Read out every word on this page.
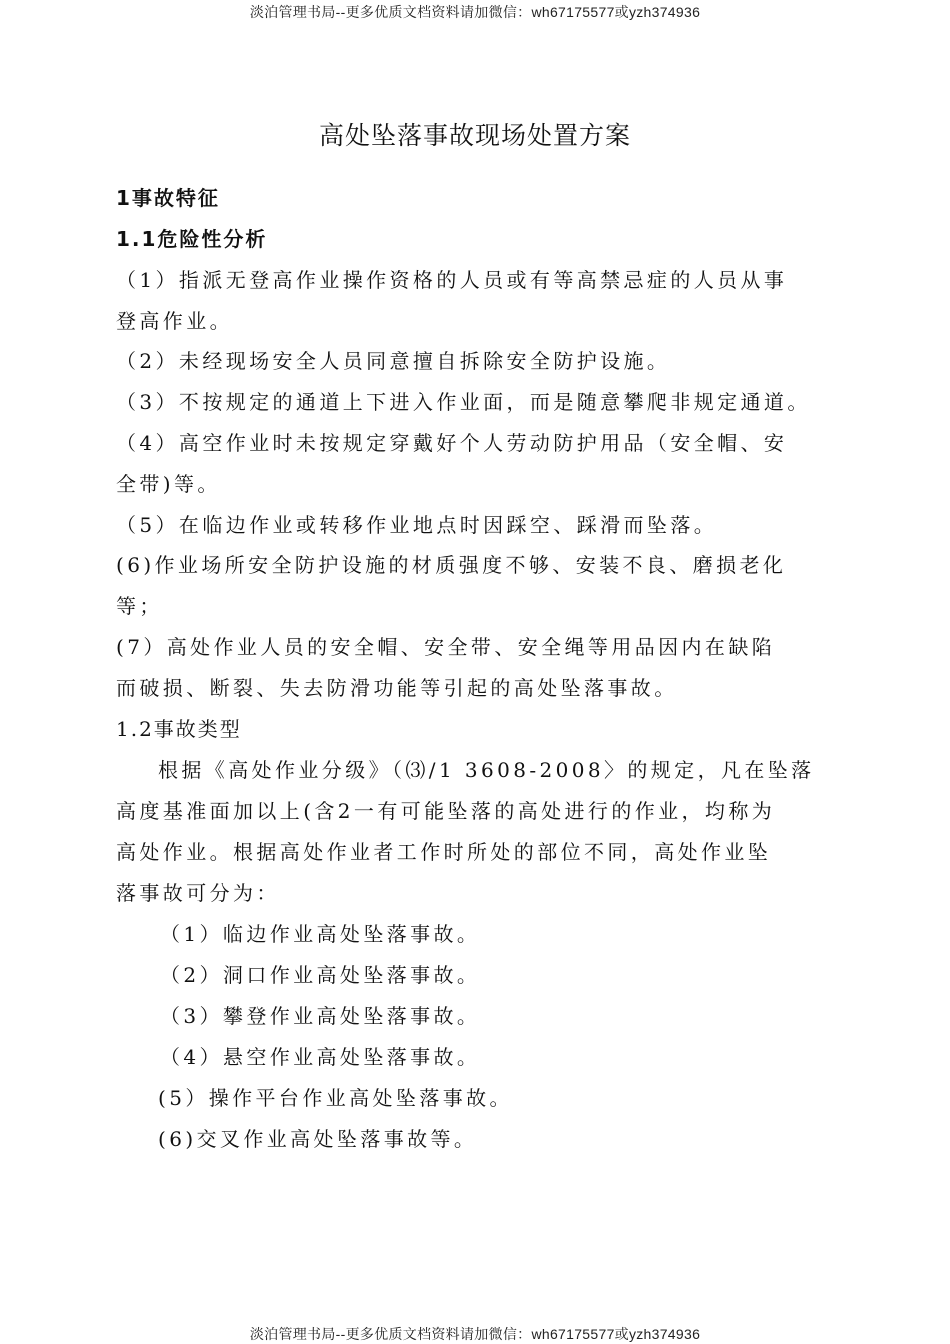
淡泊管理书局--更多优质文档资料请加微信：wh67175577或yzh374936
高处坠落事故现场处置方案
1事故特征
1.1危险性分析
（1）指派无登高作业操作资格的人员或有等高禁忌症的人员从事
登高作业。
（2）未经现场安全人员同意擅自拆除安全防护设施。
（3）不按规定的通道上下进入作业面，而是随意攀爬非规定通道。
（4）高空作业时未按规定穿戴好个人劳动防护用品（安全帽、安
全带)等。
（5）在临边作业或转移作业地点时因踩空、踩滑而坠落。
(6)作业场所安全防护设施的材质强度不够、安装不良、磨损老化
等；
(7）高处作业人员的安全帽、安全带、安全绳等用品因内在缺陷
而破损、断裂、失去防滑功能等引起的高处坠落事故。
1.2事故类型
根据《高处作业分级》（⑶/1 3608-2008〉的规定，凡在坠落
高度基准面加以上(含2一有可能坠落的高处进行的作业，均称为
高处作业。根据高处作业者工作时所处的部位不同，高处作业坠
落事故可分为：
（1）临边作业高处坠落事故。
（2）洞口作业高处坠落事故。
（3）攀登作业高处坠落事故。
（4）悬空作业高处坠落事故。
(5）操作平台作业高处坠落事故。
(6)交叉作业高处坠落事故等。
淡泊管理书局--更多优质文档资料请加微信：wh67175577或yzh374936
